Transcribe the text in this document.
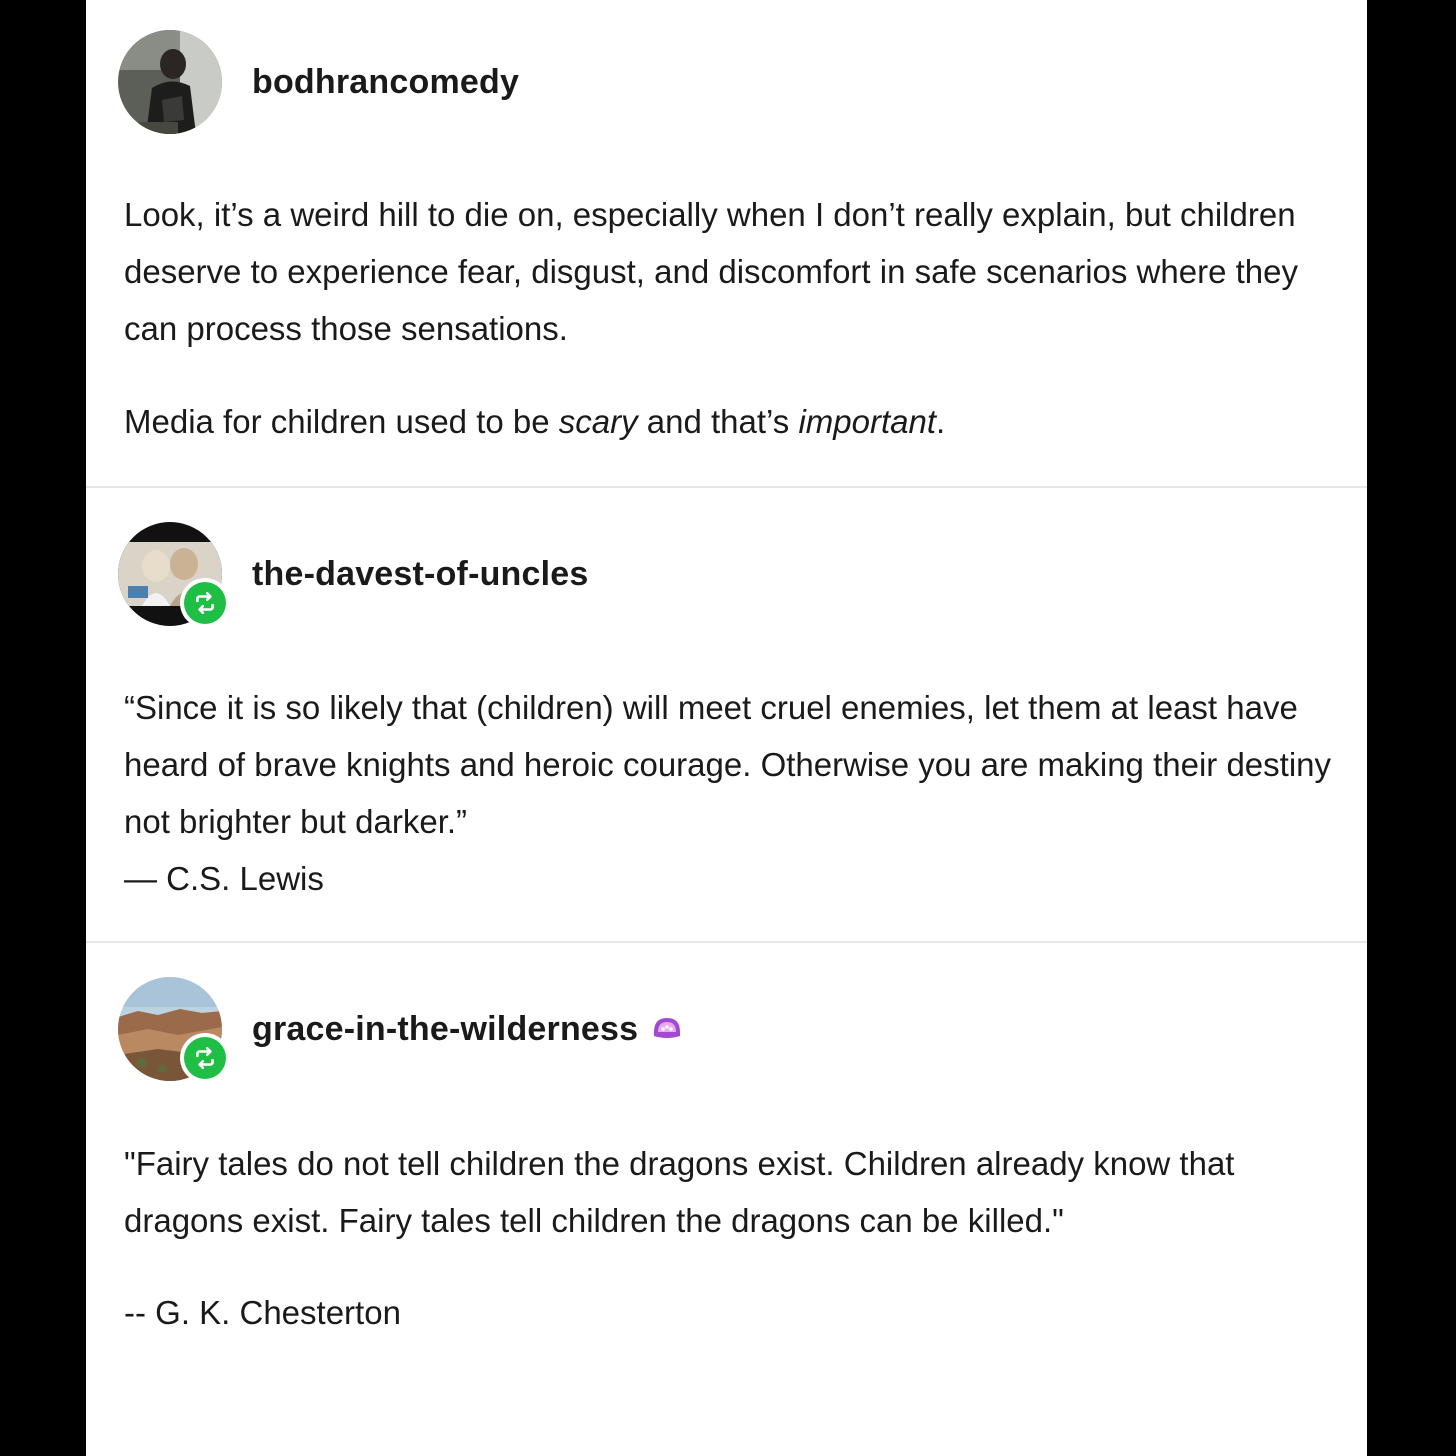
bodhrancomedy

Look, it’s a weird hill to die on, especially when I don’t really explain, but children deserve to experience fear, disgust, and discomfort in safe scenarios where they can process those sensations.

Media for children used to be scary and that’s important.

the-davest-of-uncles

“Since it is so likely that (children) will meet cruel enemies, let them at least have heard of brave knights and heroic courage. Otherwise you are making their destiny not brighter but darker.”

— C.S. Lewis

grace-in-the-wilderness

"Fairy tales do not tell children the dragons exist. Children already know that dragons exist. Fairy tales tell children the dragons can be killed."

-- G. K. Chesterton
